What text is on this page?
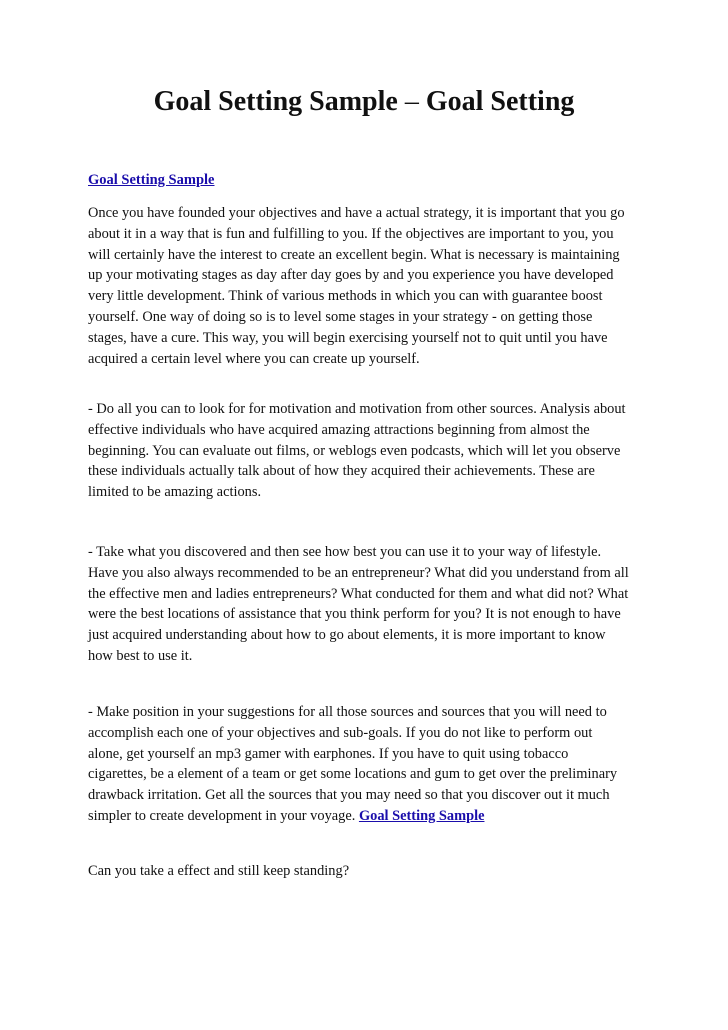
Goal Setting Sample – Goal Setting
Goal Setting Sample

Once you have founded your objectives and have a actual strategy, it is important that you go
about it in a way that is fun and fulfilling to you. If the objectives are important to you, you
will certainly have the interest to create an excellent begin. What is necessary is maintaining
up your motivating stages as day after day goes by and you experience you have developed
very little development. Think of various methods in which you can with guarantee boost
yourself. One way of doing so is to level some stages in your strategy - on getting those
stages, have a cure. This way, you will begin exercising yourself not to quit until you have
acquired a certain level where you can create up yourself.

- Do all you can to look for for motivation and motivation from other sources. Analysis about
effective individuals who have acquired amazing attractions beginning from almost the
beginning. You can evaluate out films, or weblogs even podcasts, which will let you observe
these individuals actually talk about of how they acquired their achievements. These are
limited to be amazing actions.

- Take what you discovered and then see how best you can use it to your way of lifestyle.
Have you also always recommended to be an entrepreneur? What did you understand from all
the effective men and ladies entrepreneurs? What conducted for them and what did not? What
were the best locations of assistance that you think perform for you? It is not enough to have
just acquired understanding about how to go about elements, it is more important to know
how best to use it.

- Make position in your suggestions for all those sources and sources that you will need to
accomplish each one of your objectives and sub-goals. If you do not like to perform out
alone, get yourself an mp3 gamer with earphones. If you have to quit using tobacco
cigarettes, be a element of a team or get some locations and gum to get over the preliminary
drawback irritation. Get all the sources that you may need so that you discover out it much
simpler to create development in your voyage. Goal Setting Sample

Can you take a effect and still keep standing?
